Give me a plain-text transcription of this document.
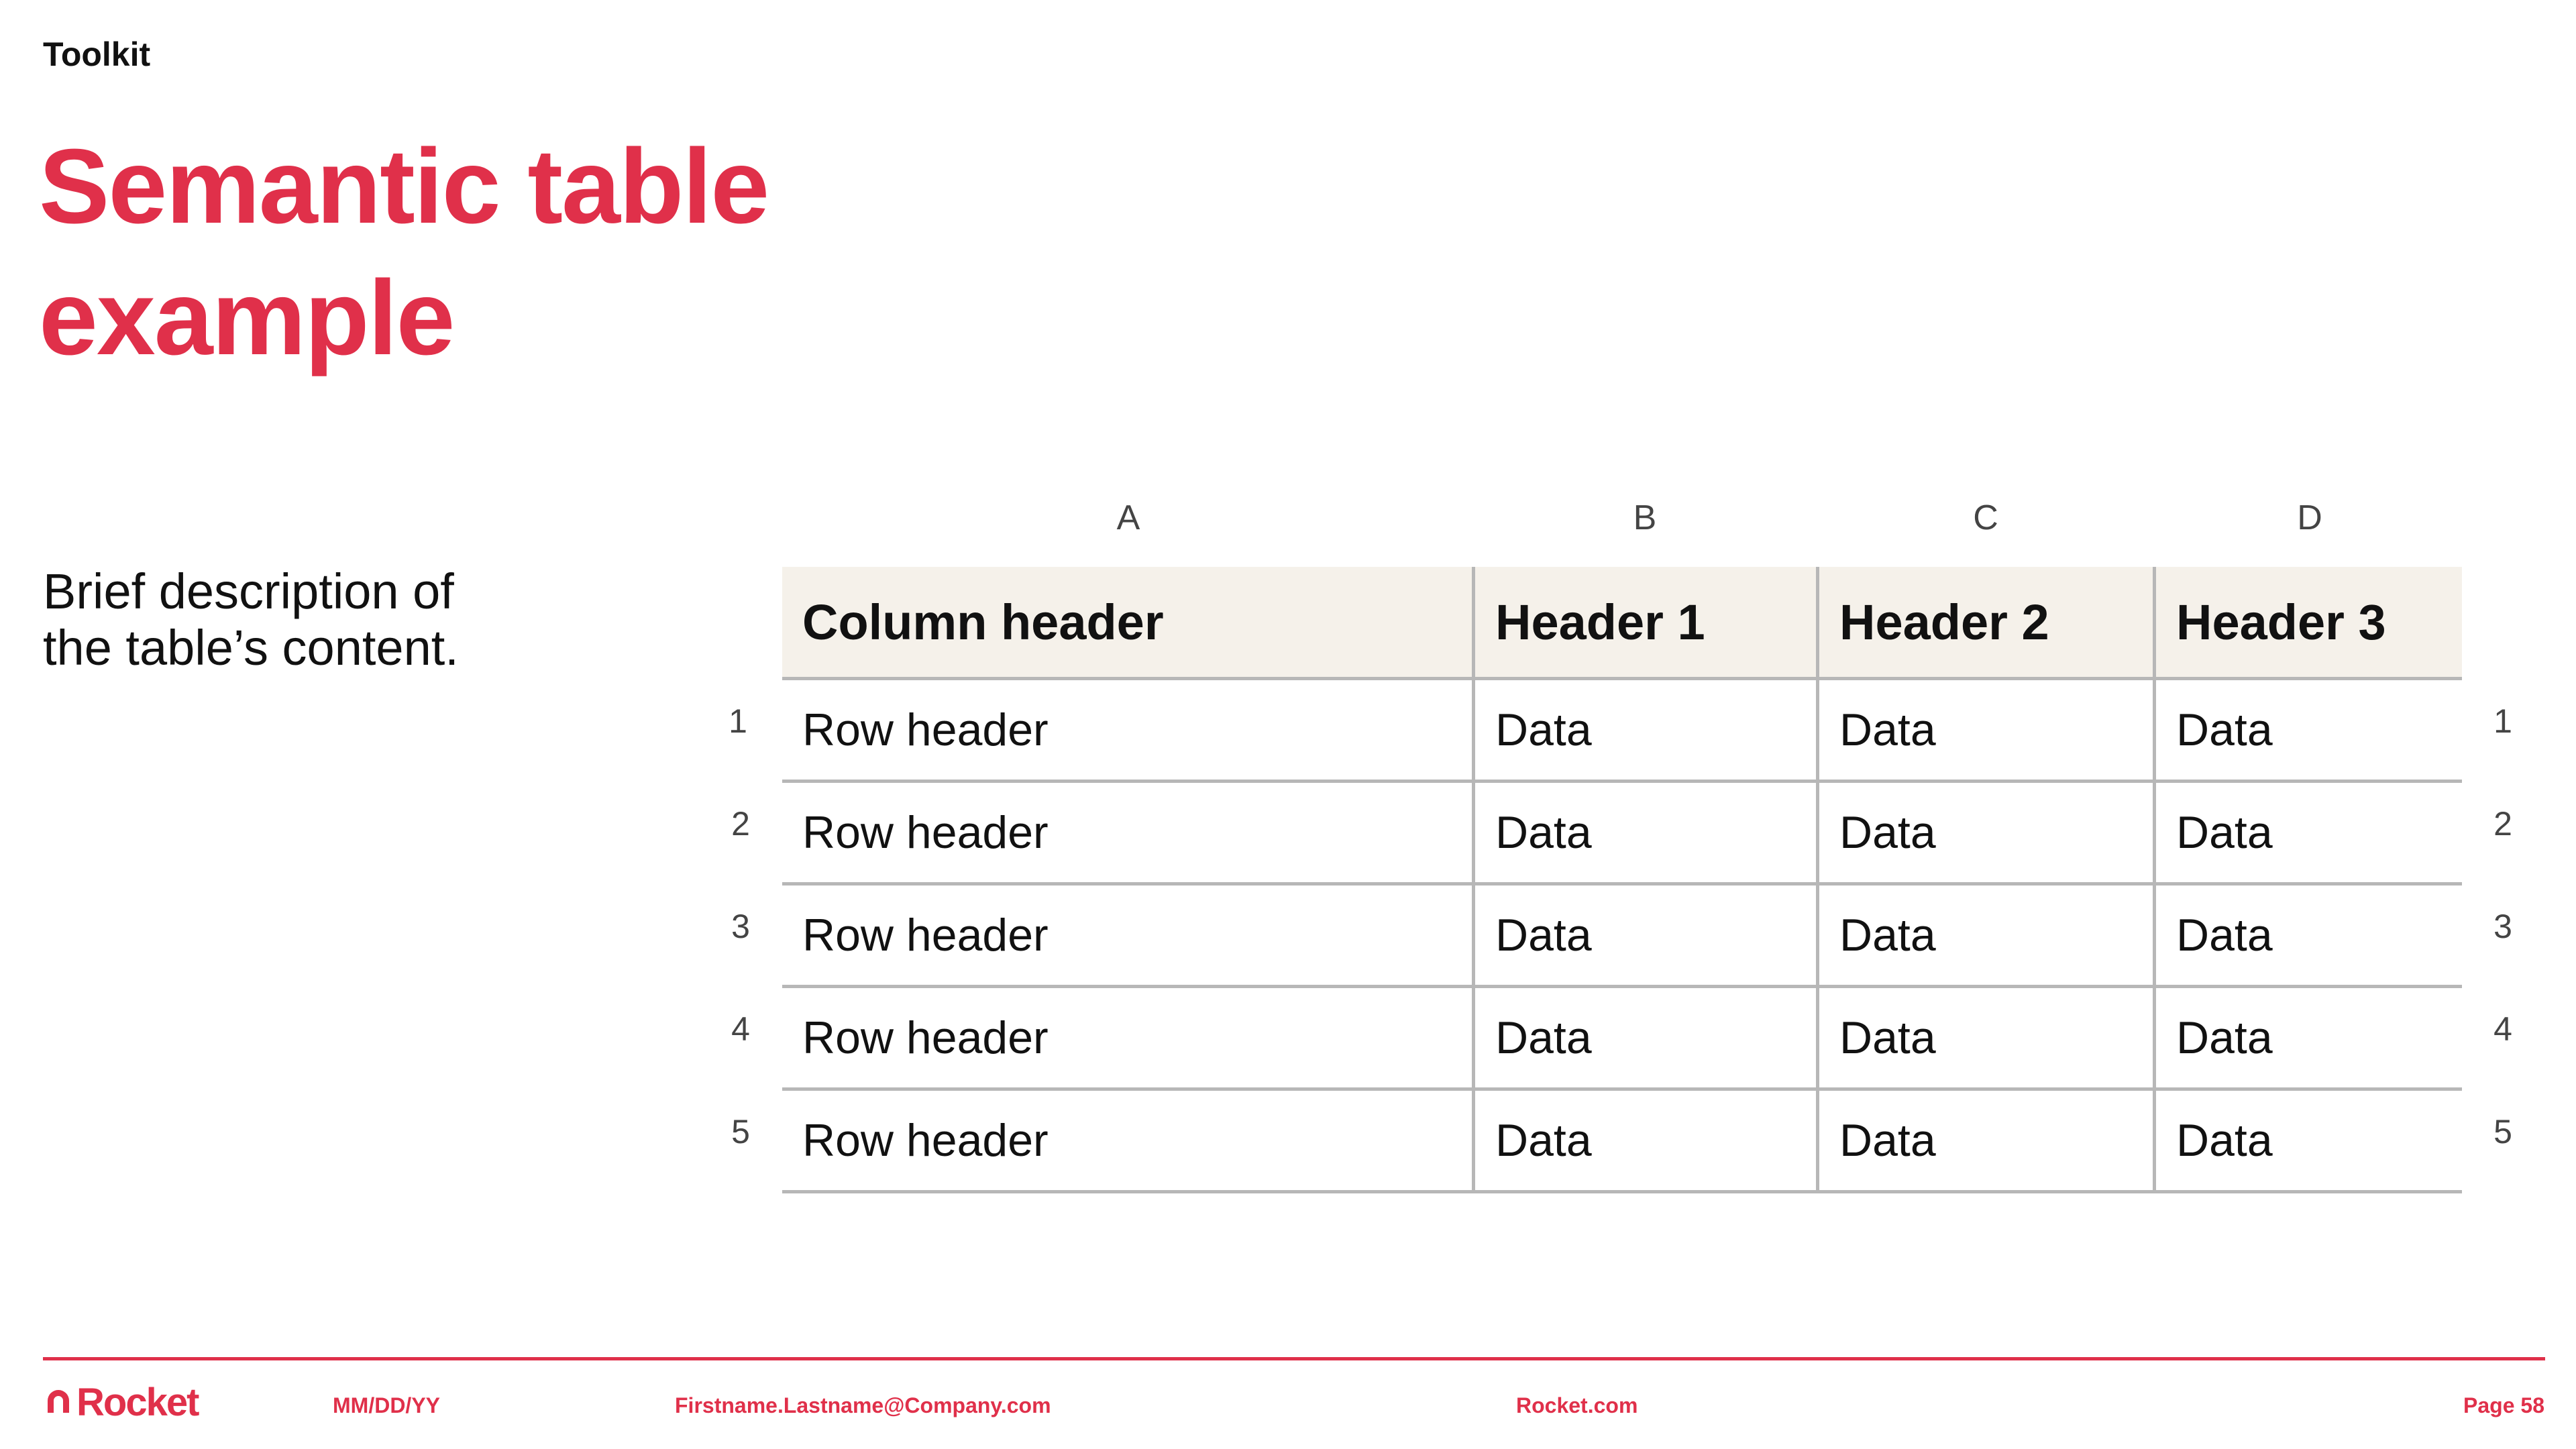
Toolkit
Semantic table
example
Brief description of
the table’s content.
A	B	C	D
1
2
3
4
5
1
2
3
4
5
Column header	Header 1	Header 2	Header 3
Row header	Data	Data	Data
Row header	Data	Data	Data
Row header	Data	Data	Data
Row header	Data	Data	Data
Row header	Data	Data	Data
Rocket	MM/DD/YY	Firstname.Lastname@Company.com	Rocket.com	Page 58
